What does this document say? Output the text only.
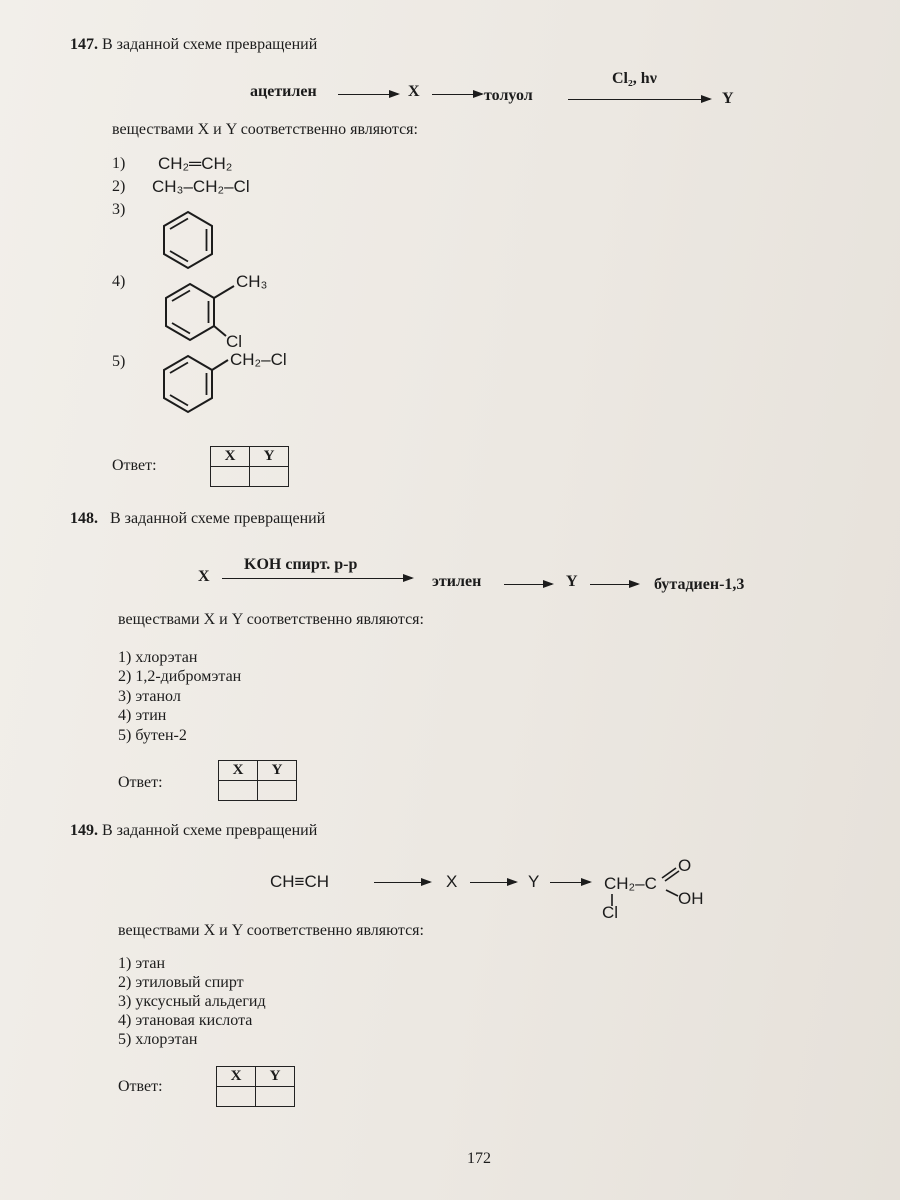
147. В заданной схеме превращений
ацетилен	X	толуол
Cl₂, hν
Y
веществами X и Y соответственно являются:
1) CH₂═CH₂
2) CH₃–CH₂–Cl
3)
4)	CH₃
Cl
5)	CH₂–Cl
Ответ:
X	Y

148. В заданной схеме превращений
X
KOH спирт. р-р
этилен	Y	бутадиен-1,3
веществами X и Y соответственно являются:
1) хлорэтан
2) 1,2-дибромэтан
3) этанол
4) этин
5) бутен-2
Ответ:
X	Y

149. В заданной схеме превращений
CH≡CH	X	Y	CH₂–C
O
OH
Cl
веществами X и Y соответственно являются:
1) этан
2) этиловый спирт
3) уксусный альдегид
4) этановая кислота
5) хлорэтан
Ответ:
X	Y

172
